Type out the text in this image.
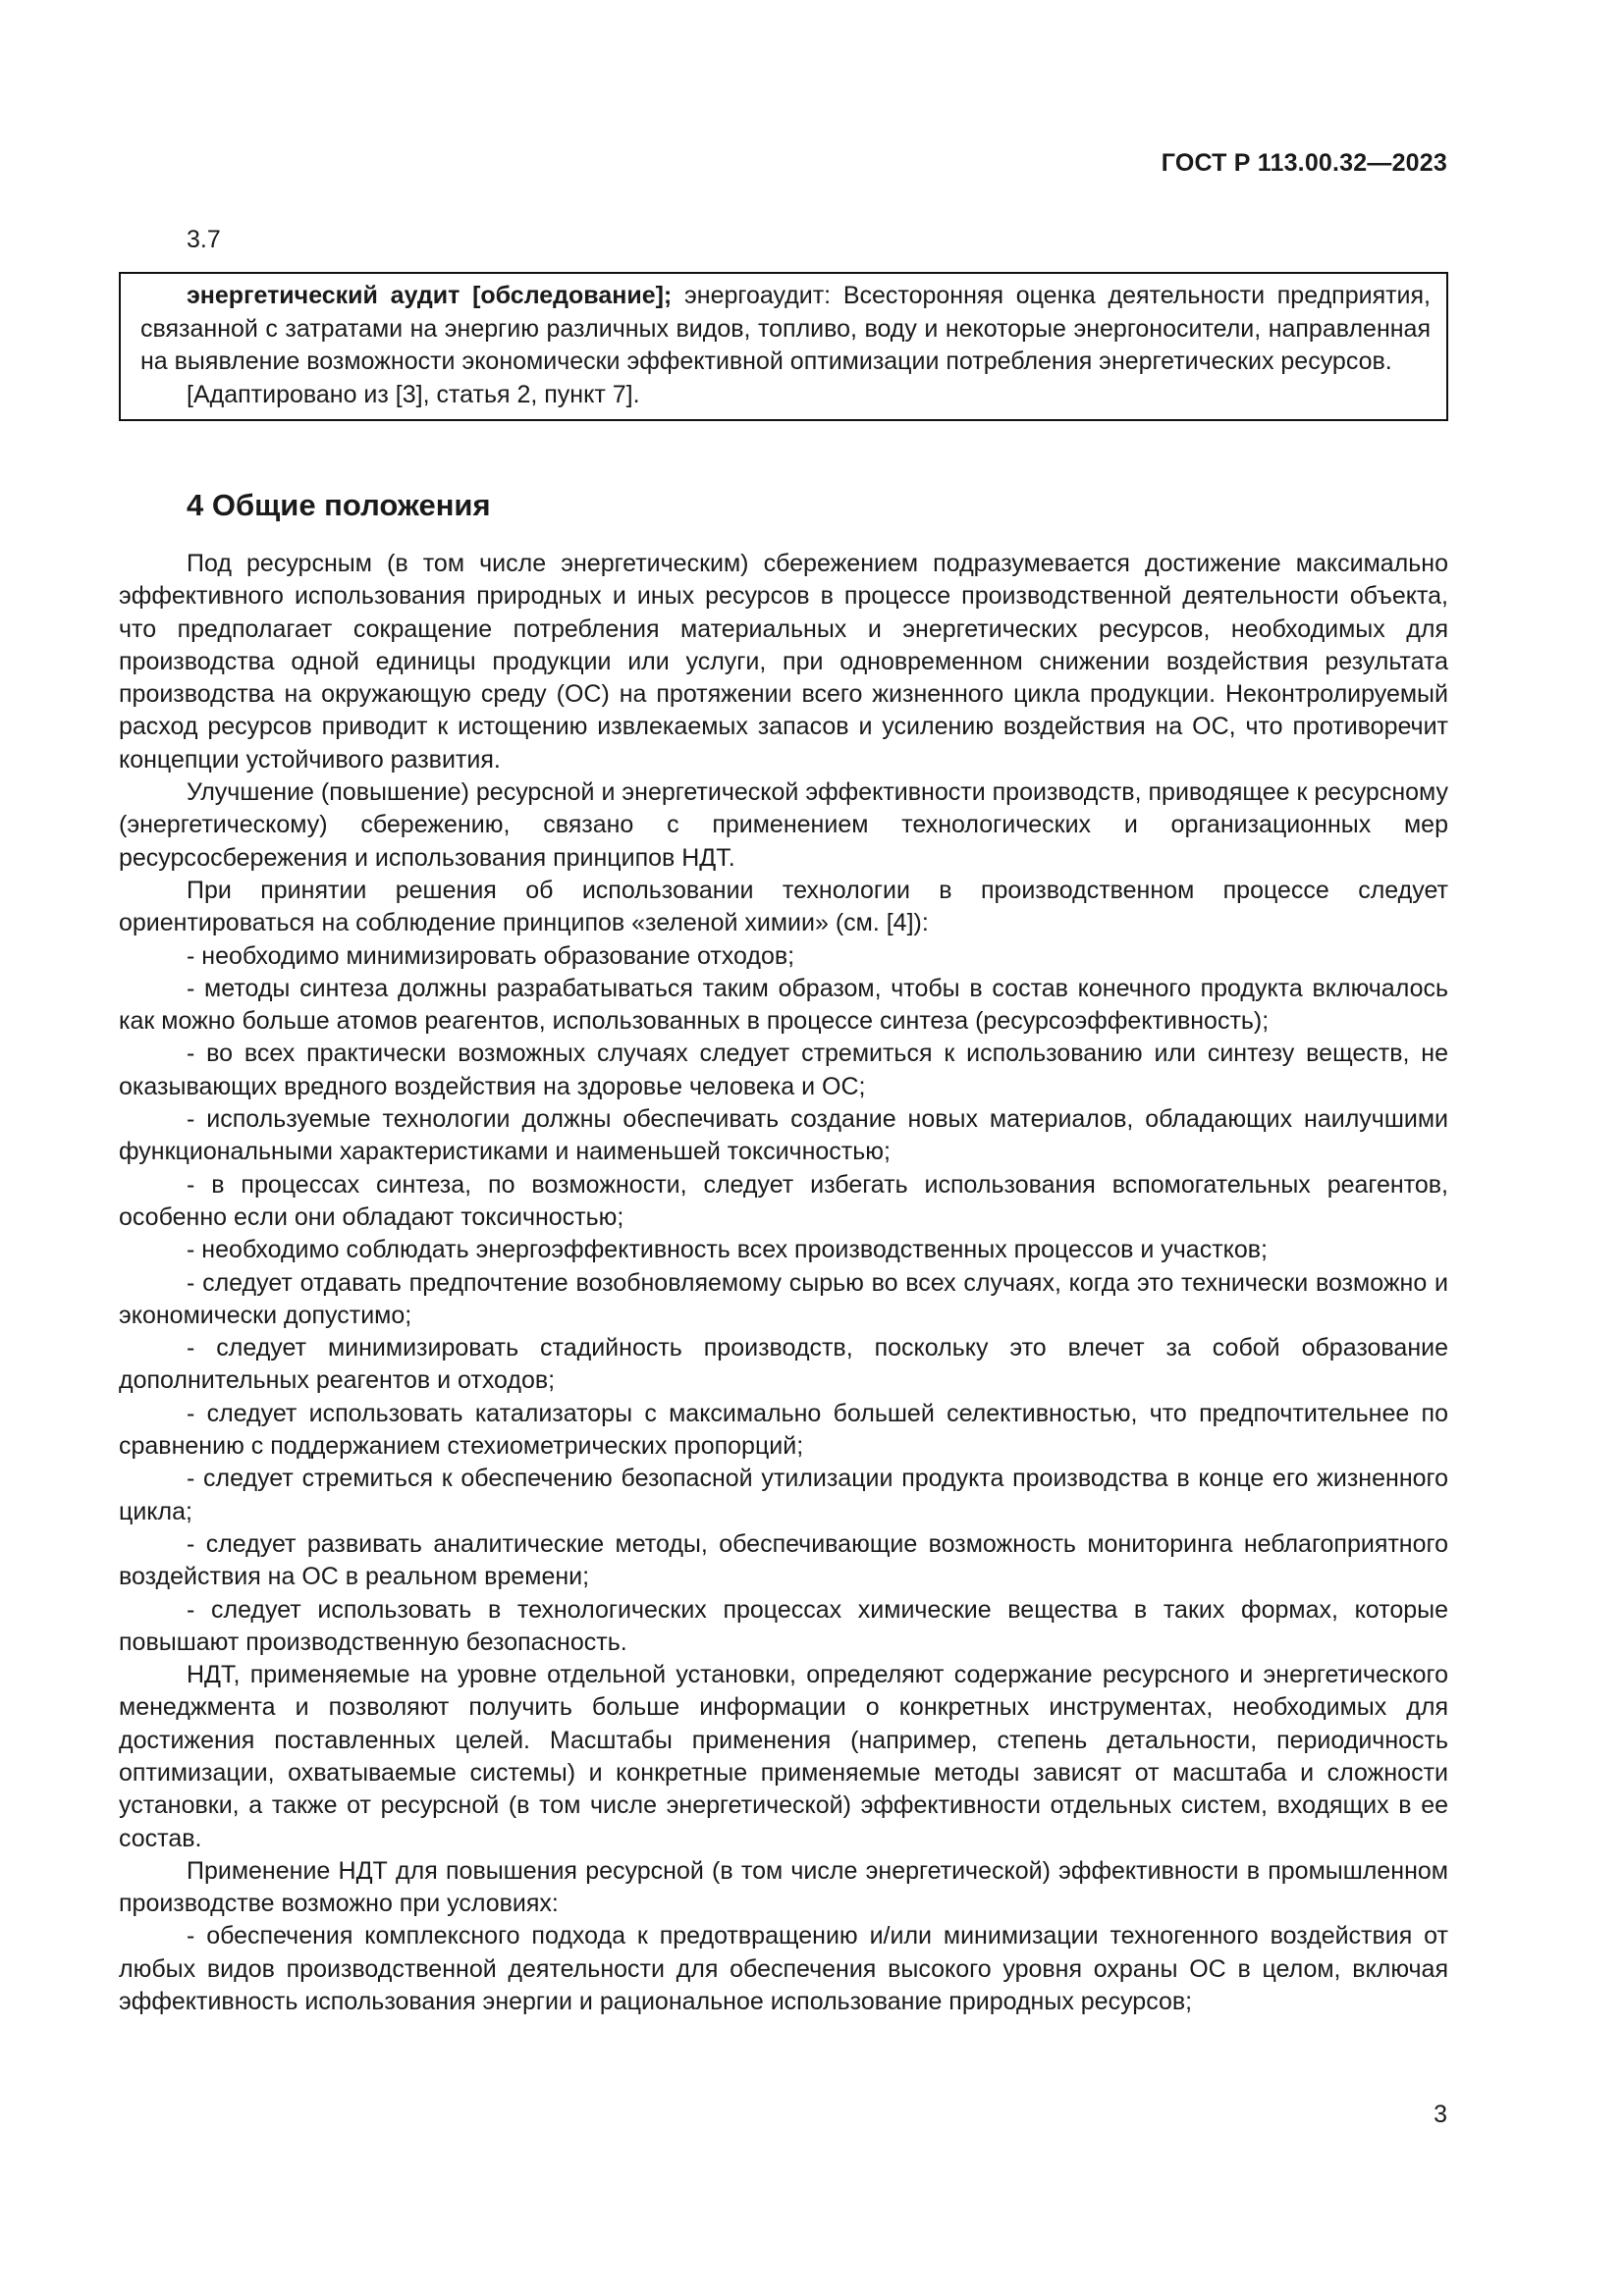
ГОСТ Р 113.00.32—2023
3.7

энергетический аудит [обследование]; энергоаудит: Всесторонняя оценка деятельности предприятия, связанной с затратами на энергию различных видов, топливо, воду и некоторые энергоносители, направленная на выявление возможности экономически эффективной оптимизации потребления энергетических ресурсов.

[Адаптировано из [3], статья 2, пункт 7].

4 Общие положения

Под ресурсным (в том числе энергетическим) сбережением подразумевается достижение максимально эффективного использования природных и иных ресурсов в процессе производственной деятельности объекта, что предполагает сокращение потребления материальных и энергетических ресурсов, необходимых для производства одной единицы продукции или услуги, при одновременном снижении воздействия результата производства на окружающую среду (ОС) на протяжении всего жизненного цикла продукции. Неконтролируемый расход ресурсов приводит к истощению извлекаемых запасов и усилению воздействия на ОС, что противоречит концепции устойчивого развития.

Улучшение (повышение) ресурсной и энергетической эффективности производств, приводящее к ресурсному (энергетическому) сбережению, связано с применением технологических и организационных мер ресурсосбережения и использования принципов НДТ.

При принятии решения об использовании технологии в производственном процессе следует ориентироваться на соблюдение принципов «зеленой химии» (см. [4]):

- необходимо минимизировать образование отходов;

- методы синтеза должны разрабатываться таким образом, чтобы в состав конечного продукта включалось как можно больше атомов реагентов, использованных в процессе синтеза (ресурсоэффективность);

- во всех практически возможных случаях следует стремиться к использованию или синтезу веществ, не оказывающих вредного воздействия на здоровье человека и ОС;

- используемые технологии должны обеспечивать создание новых материалов, обладающих наилучшими функциональными характеристиками и наименьшей токсичностью;

- в процессах синтеза, по возможности, следует избегать использования вспомогательных реагентов, особенно если они обладают токсичностью;

- необходимо соблюдать энергоэффективность всех производственных процессов и участков;

- следует отдавать предпочтение возобновляемому сырью во всех случаях, когда это технически возможно и экономически допустимо;

- следует минимизировать стадийность производств, поскольку это влечет за собой образование дополнительных реагентов и отходов;

- следует использовать катализаторы с максимально большей селективностью, что предпочтительнее по сравнению с поддержанием стехиометрических пропорций;

- следует стремиться к обеспечению безопасной утилизации продукта производства в конце его жизненного цикла;

- следует развивать аналитические методы, обеспечивающие возможность мониторинга неблагоприятного воздействия на ОС в реальном времени;

- следует использовать в технологических процессах химические вещества в таких формах, которые повышают производственную безопасность.

НДТ, применяемые на уровне отдельной установки, определяют содержание ресурсного и энергетического менеджмента и позволяют получить больше информации о конкретных инструментах, необходимых для достижения поставленных целей. Масштабы применения (например, степень детальности, периодичность оптимизации, охватываемые системы) и конкретные применяемые методы зависят от масштаба и сложности установки, а также от ресурсной (в том числе энергетической) эффективности отдельных систем, входящих в ее состав.

Применение НДТ для повышения ресурсной (в том числе энергетической) эффективности в промышленном производстве возможно при условиях:

- обеспечения комплексного подхода к предотвращению и/или минимизации техногенного воздействия от любых видов производственной деятельности для обеспечения высокого уровня охраны ОС в целом, включая эффективность использования энергии и рациональное использование природных ресурсов;

3
